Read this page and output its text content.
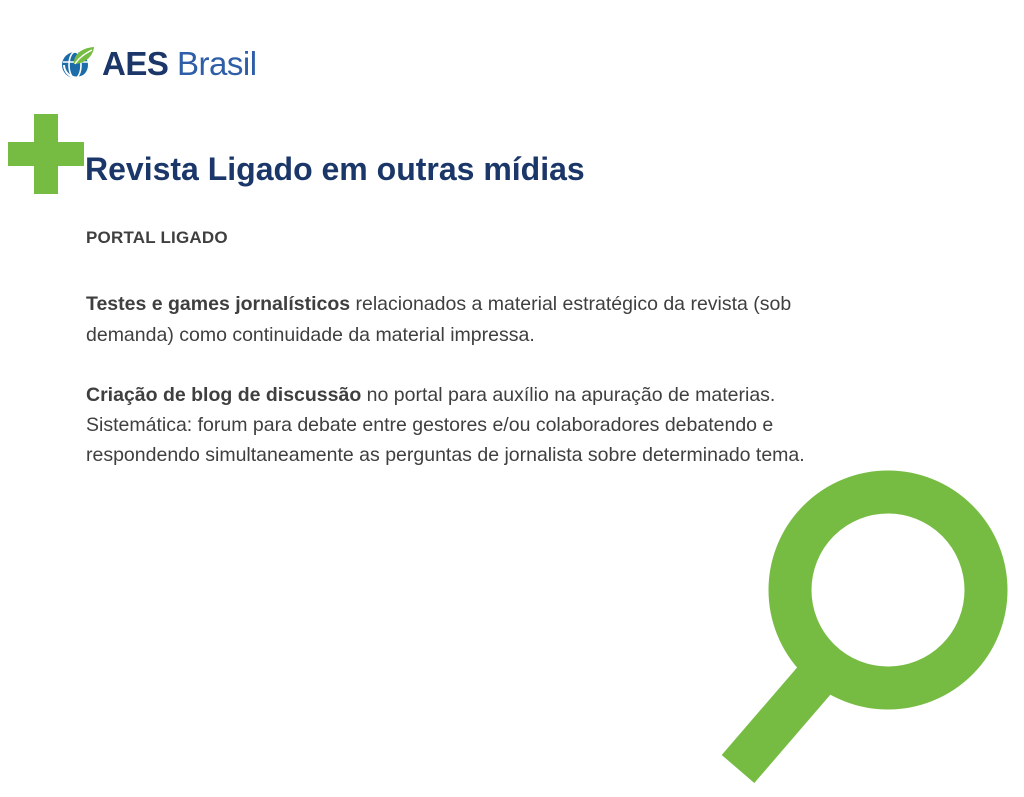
AES Brasil
Revista Ligado em outras mídias
PORTAL LIGADO

Testes e games jornalísticos relacionados a material estratégico da revista (sob demanda) como continuidade da material impressa.

Criação de blog de discussão no portal para auxílio na apuração de materias. Sistemática: forum para debate entre gestores e/ou colaboradores debatendo e respondendo simultaneamente as perguntas de jornalista sobre determinado tema.
